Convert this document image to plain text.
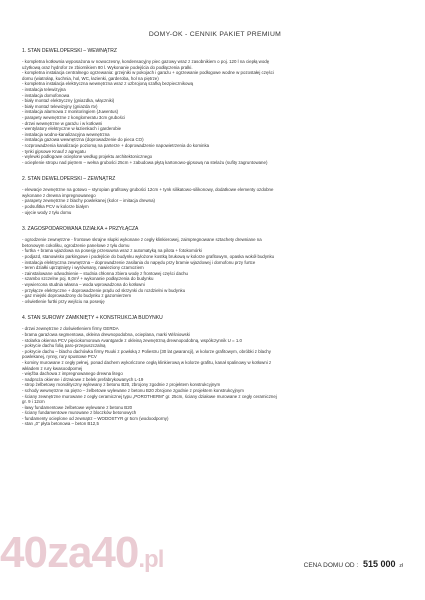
DOMY-OK - CENNIK PAKIET PREMIUM
1. STAN DEWELOPERSKI – WEWNĄTRZ
- kompletna kotłownia wyposażona w nowoczesny, kondensacyjny piec gazowy wraz z zasobnikiem o poj. 120 l na ciepłą wodę
użytkową oraz hydrofor ze zbiornikiem 80 l. Wykonanie podejścia do podłączenia pralki.
- kompletna instalacja centralnego ogrzewania: grzejniki w pokojach i garażu + ogrzewanie podłogowe wodne w pozostałej części
domu (wiatrołap, kuchnia, hol, WC, łazienki, garderoba, hol na piętrze)
- kompletna instalacja elektryczna wewnętrzna wraz z uzbrojoną szafką bezpiecznikową
- instalacja telewizyjna
- instalacja domofonowa
- biały montaż elektryczny (gniazdka, włączniki)
- biały montaż telewizyjny (gniazda rtv)
- instalacja alarmowa z monitoringiem (Juwentus)
- parapety wewnętrzne z konglomeratu 3cm grubości
- drzwi wewnętrzne w garażu i w kotłowni
- wentylatory elektryczne w łazienkach i garderobie
- instalacja wodno-kanalizacyjna wewnętrzna
- instalacja gazowa wewnętrzna (doprowadzenie do pieca CO)
- rozprowadzenia kanalizacje poziomą na parterze + doprowadzenie napowietrzenia do kominka
- tynki gipsowe Knauf z agregatu
- wylewki podłogowe ocieplone według projektu architektonicznego
- ocieplenie stropu nad piętrem – wełna grubości 25cm + zabudowa płytą kartonowo-gipsową na stelażu (sufity zagruntowane)
2. STAN DEWELOPERSKI – ZEWNĄTRZ
- elewacje zewnętrzne na gotowo – styropian grafitowy grubości 12cm + tynk silikatowo-silikonowy, dodatkowe elementy ozdobne
wykonane z drewna impregnowanego
- parapety zewnętrzne z blachy powlekanej (kolor – imitacja drewna)
- podsufitka PCV w kolorze białym
- ujęcie wody z tyłu domu
3. ZAGOSPODAROWANA DZIAŁKA + PRZYŁĄCZA
- ogrodzenie zewnętrzne - frontowe skrajne słupki wykonane z cegły klinkierowej, zaimpregnowane sztachety drewniane na
betonowym cokoliku, ogrodzenie panelowe z tyłu domu
- furtka + brama wjazdowa na posesję przesuwna wraz z automatyką na pilota + fotokomórki
- podjazd, stanowisko parkingowe i podejście do budynku wyłożone kostką brukową w kolorze grafitowym, opaska wokół budynku
- instalacja elektryczna zewnętrzna – doprowadzenie zasilania do napędu przy bramie wjazdowej i domofonu przy furtce
- teren działki uprzątnięty i wyrównany, nawieziony czarnoziem
- zainstalowane odwodnienie – studnia chłonna zbiera wodę z frontowej części dachu
- szambo szczelne poj. 8,0m³ + wykonanie podłączenia do budynku
- wywiercona studnia własna – woda wprowadzona do kotłowni
- przyłącze elektryczne + doprowadzenie prądu od skrzynki do rozdzielni w budynku
- gaz miejski doprowadzony do budynku z gazomierzem
- oświetlenie furtki przy wejściu na posesję
4. STAN SUROWY ZAMKNIĘTY + KONSTRUKCJA BUDYNKU
- drzwi zewnętrzne z doświetleniem firmy GERDA
- brama garażowa segmentowa, okleina drewnopodobna, ocieplana, marki Wiśniowski
- stolarka okienna PCV pięciokomorowa Avantgarde z okleiną zewnętrzną drewnopodobną, współczynnik U = 1.0
- pokrycie dachu folią paro-przepuszczalną
- pokrycie dachu – blacho dachówka firmy Ruuki z powłoką z Poliestru (30 lat gwarancji), w kolorze grafitowym, obróbki z blachy
powlekanej, rynny, rury spustowe PCV
- kominy murowane z cegły pełnej, ponad dachem wykończone cegłą klinkierową w kolorze grafitu, kanał spalinowy w kotłowni z
wkładem z rury kwasoodpornej
- więźba dachowa z impregnowanego drewna litego
- nadproża okienne i drzwiowe z belek prefabrykowanych L-19
- strop żelbetowy monolityczny wylewany z betonu B20, zbrojony zgodnie z projektem konstrukcyjnym
- schody wewnętrzne na piętro – żelbetowe wylewane z betonu B20 zbrojone zgodnie z projektem konstrukcyjnym
- ściany zewnętrzne murowane z cegły ceramicznej typu „POROTHERM” gr. 25cm, ściany działowe murowane z cegły ceramicznej
gr. 9 i 12cm
- ławy fundamentowe żelbetowe wylewane z betonu B20
- ściany fundamentowe murowane z bloczków betonowych
- fundamenty ocieplone od zewnątrz – WODOSTYR gr 5cm (wodoodporny)
- stan „0” płyta betonowa – beton B12,5
40za40.pl	CENA DOMU OD : 515 000 zł
